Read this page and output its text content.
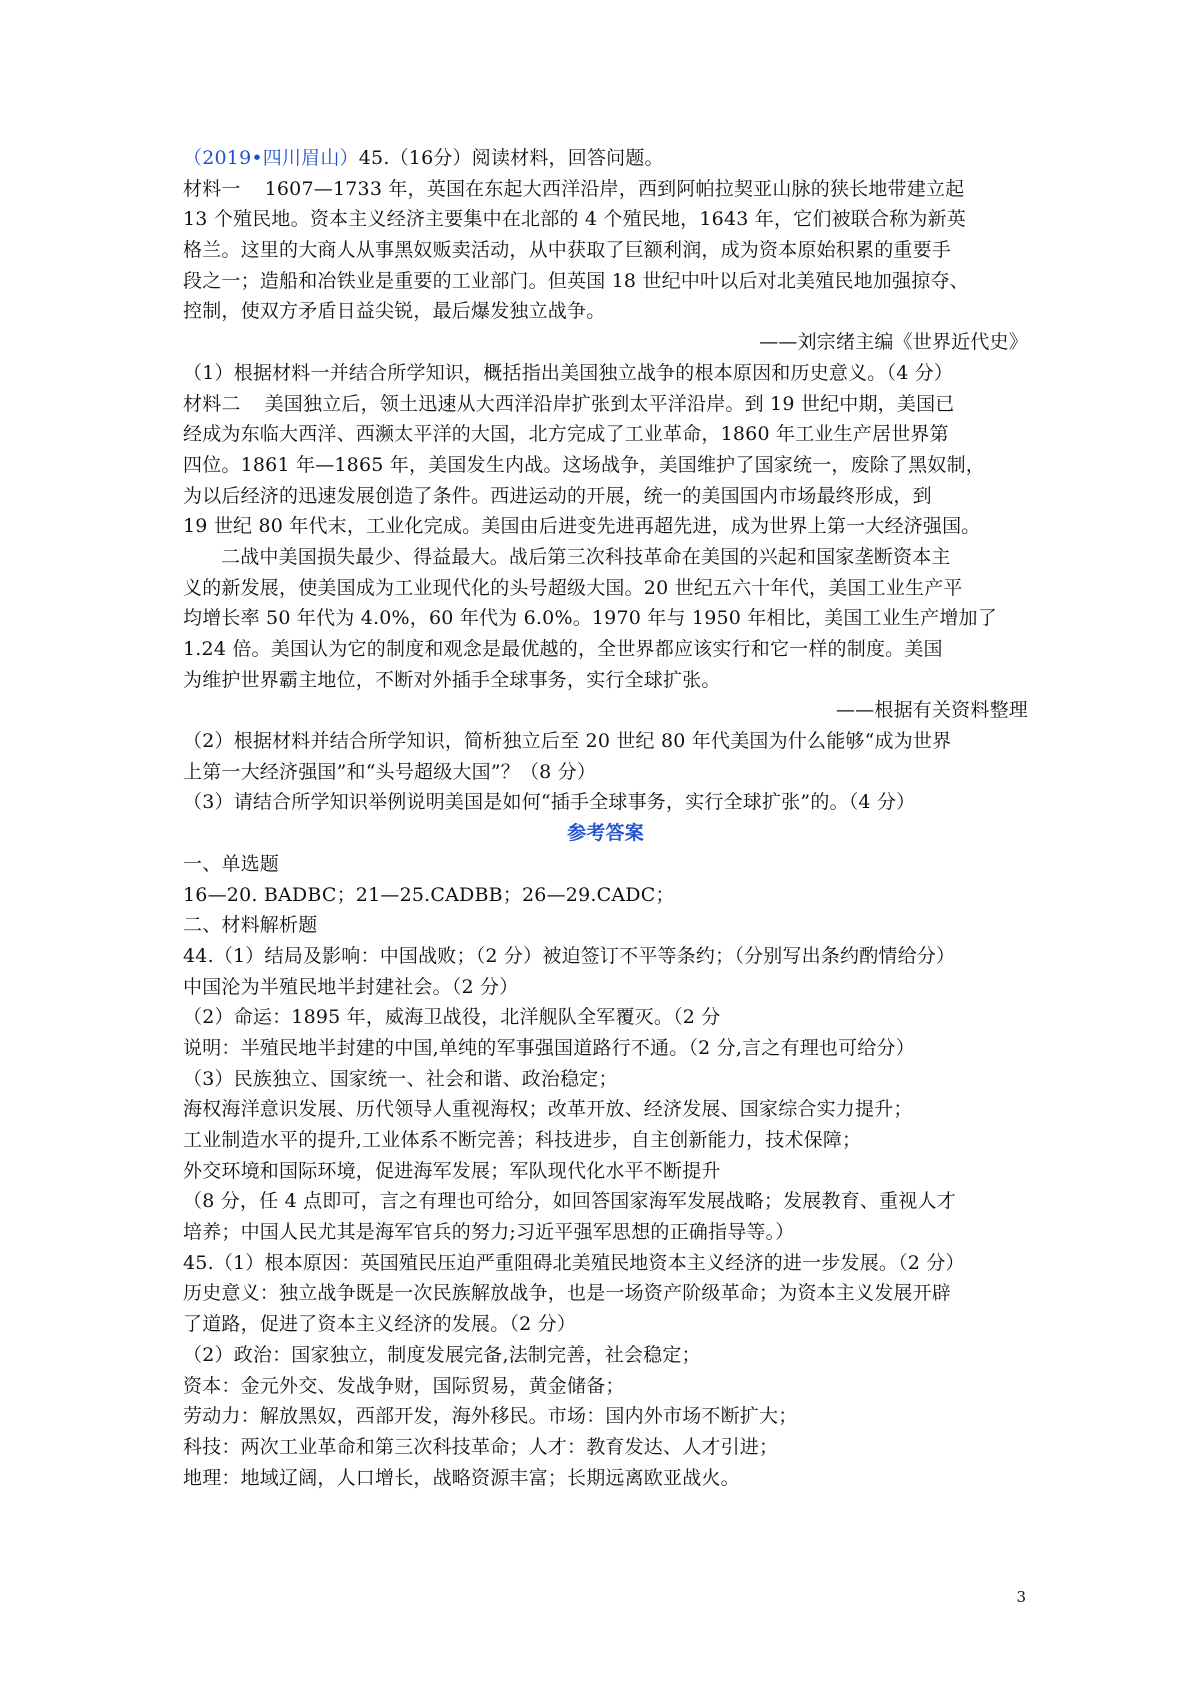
（2019•四川眉山）45.（16分）阅读材料，回答问题。
材料一 1607—1733 年，英国在东起大西洋沿岸，西到阿帕拉契亚山脉的狭长地带建立起
13 个殖民地。资本主义经济主要集中在北部的 4 个殖民地，1643 年，它们被联合称为新英
格兰。这里的大商人从事黑奴贩卖活动，从中获取了巨额利润，成为资本原始积累的重要手
段之一；造船和冶铁业是重要的工业部门。但英国 18 世纪中叶以后对北美殖民地加强掠夺、
控制，使双方矛盾日益尖锐，最后爆发独立战争。
——刘宗绪主编《世界近代史》
（1）根据材料一并结合所学知识，概括指出美国独立战争的根本原因和历史意义。（4 分）
材料二 美国独立后，领土迅速从大西洋沿岸扩张到太平洋沿岸。到 19 世纪中期，美国已
经成为东临大西洋、西濒太平洋的大国，北方完成了工业革命，1860 年工业生产居世界第
四位。1861 年—1865 年，美国发生内战。这场战争，美国维护了国家统一，废除了黑奴制，
为以后经济的迅速发展创造了条件。西进运动的开展，统一的美国国内市场最终形成，到
19 世纪 80 年代末，工业化完成。美国由后进变先进再超先进，成为世界上第一大经济强国。
二战中美国损失最少、得益最大。战后第三次科技革命在美国的兴起和国家垄断资本主
义的新发展，使美国成为工业现代化的头号超级大国。20 世纪五六十年代，美国工业生产平
均增长率 50 年代为 4.0%，60 年代为 6.0%。1970 年与 1950 年相比，美国工业生产增加了
1.24 倍。美国认为它的制度和观念是最优越的，全世界都应该实行和它一样的制度。美国
为维护世界霸主地位，不断对外插手全球事务，实行全球扩张。
——根据有关资料整理
（2）根据材料并结合所学知识，简析独立后至 20 世纪 80 年代美国为什么能够“成为世界
上第一大经济强国”和“头号超级大国”？（8 分）
（3）请结合所学知识举例说明美国是如何“插手全球事务，实行全球扩张”的。（4 分）
参考答案
一、单选题
16—20. BADBC；21—25.CADBB；26—29.CADC；
二、材料解析题
44.（1）结局及影响：中国战败；（2 分）被迫签订不平等条约；（分别写出条约酌情给分）
中国沦为半殖民地半封建社会。（2 分）
（2）命运：1895 年，威海卫战役，北洋舰队全军覆灭。（2 分
说明：半殖民地半封建的中国,单纯的军事强国道路行不通。（2 分,言之有理也可给分）
（3）民族独立、国家统一、社会和谐、政治稳定；
海权海洋意识发展、历代领导人重视海权；改革开放、经济发展、国家综合实力提升；
工业制造水平的提升,工业体系不断完善；科技进步，自主创新能力，技术保障；
外交环境和国际环境，促进海军发展；军队现代化水平不断提升
（8 分，任 4 点即可，言之有理也可给分，如回答国家海军发展战略；发展教育、重视人才
培养；中国人民尤其是海军官兵的努力;习近平强军思想的正确指导等。）
45.（1）根本原因：英国殖民压迫严重阻碍北美殖民地资本主义经济的进一步发展。（2 分）
历史意义：独立战争既是一次民族解放战争，也是一场资产阶级革命；为资本主义发展开辟
了道路，促进了资本主义经济的发展。（2 分）
（2）政治：国家独立，制度发展完备,法制完善，社会稳定；
资本：金元外交、发战争财，国际贸易，黄金储备；
劳动力：解放黑奴，西部开发，海外移民。市场：国内外市场不断扩大；
科技：两次工业革命和第三次科技革命；人才：教育发达、人才引进；
地理：地域辽阔，人口增长，战略资源丰富；长期远离欧亚战火。
3
